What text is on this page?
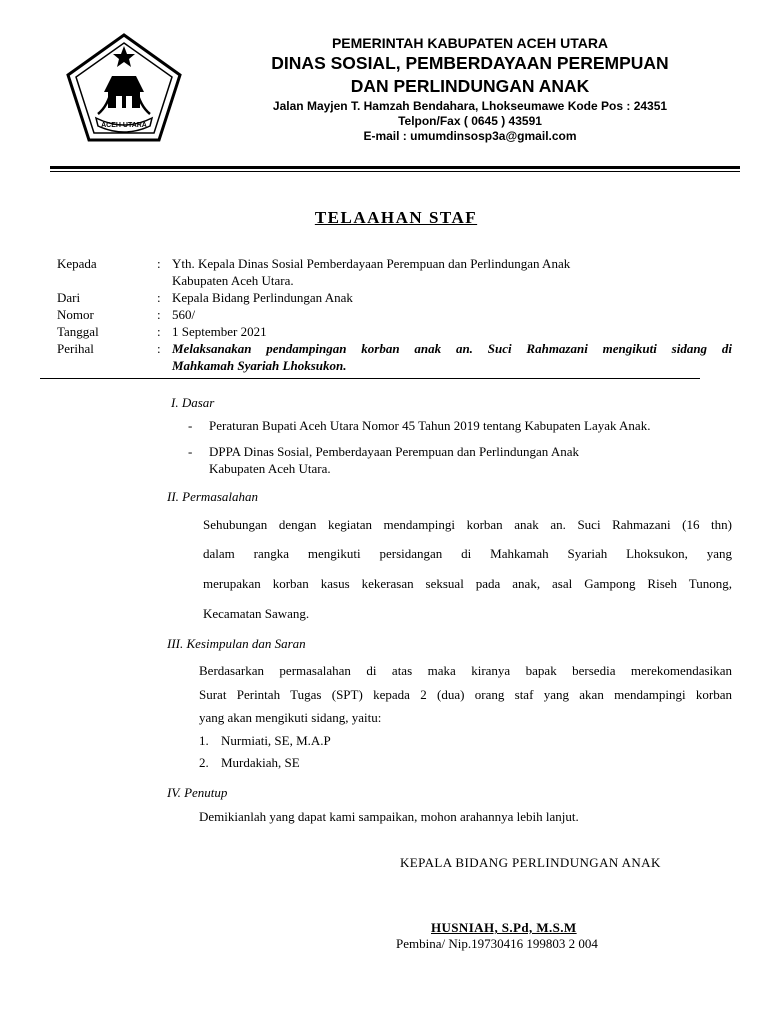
ACEH UTARA
PEMERINTAH KABUPATEN ACEH UTARA
DINAS SOSIAL, PEMBERDAYAAN PEREMPUAN
DAN PERLINDUNGAN ANAK
Jalan Mayjen T. Hamzah Bendahara, Lhokseumawe Kode Pos : 24351
Telpon/Fax ( 0645 ) 43591
E-mail : umumdinsosp3a@gmail.com
TELAAHAN STAF
Kepada	: Yth. Kepala Dinas Sosial Pemberdayaan Perempuan dan Perlindungan Anak
Kabupaten Aceh Utara.
Dari	: Kepala Bidang Perlindungan Anak
Nomor	: 560/
Tanggal	: 1 September 2021
Perihal	: Melaksanakan pendampingan korban anak an. Suci Rahmazani mengikuti sidang di
Mahkamah Syariah Lhoksukon.
I. Dasar
- Peraturan Bupati Aceh Utara Nomor 45 Tahun 2019 tentang Kabupaten Layak Anak.
- DPPA Dinas Sosial, Pemberdayaan Perempuan dan Perlindungan Anak
Kabupaten Aceh Utara.
II. Permasalahan
Sehubungan dengan kegiatan mendampingi korban anak an. Suci Rahmazani (16 thn)
dalam rangka mengikuti persidangan di Mahkamah Syariah Lhoksukon, yang
merupakan korban kasus kekerasan seksual pada anak, asal Gampong Riseh Tunong,
Kecamatan Sawang.
III. Kesimpulan dan Saran
Berdasarkan permasalahan di atas maka kiranya bapak bersedia merekomendasikan
Surat Perintah Tugas (SPT) kepada 2 (dua) orang staf yang akan mendampingi korban
yang akan mengikuti sidang, yaitu:
1. Nurmiati, SE, M.A.P
2. Murdakiah, SE
IV. Penutup
Demikianlah yang dapat kami sampaikan, mohon arahannya lebih lanjut.
KEPALA BIDANG PERLINDUNGAN ANAK
HUSNIAH, S.Pd, M.S.M
Pembina/ Nip.19730416 199803 2 004
